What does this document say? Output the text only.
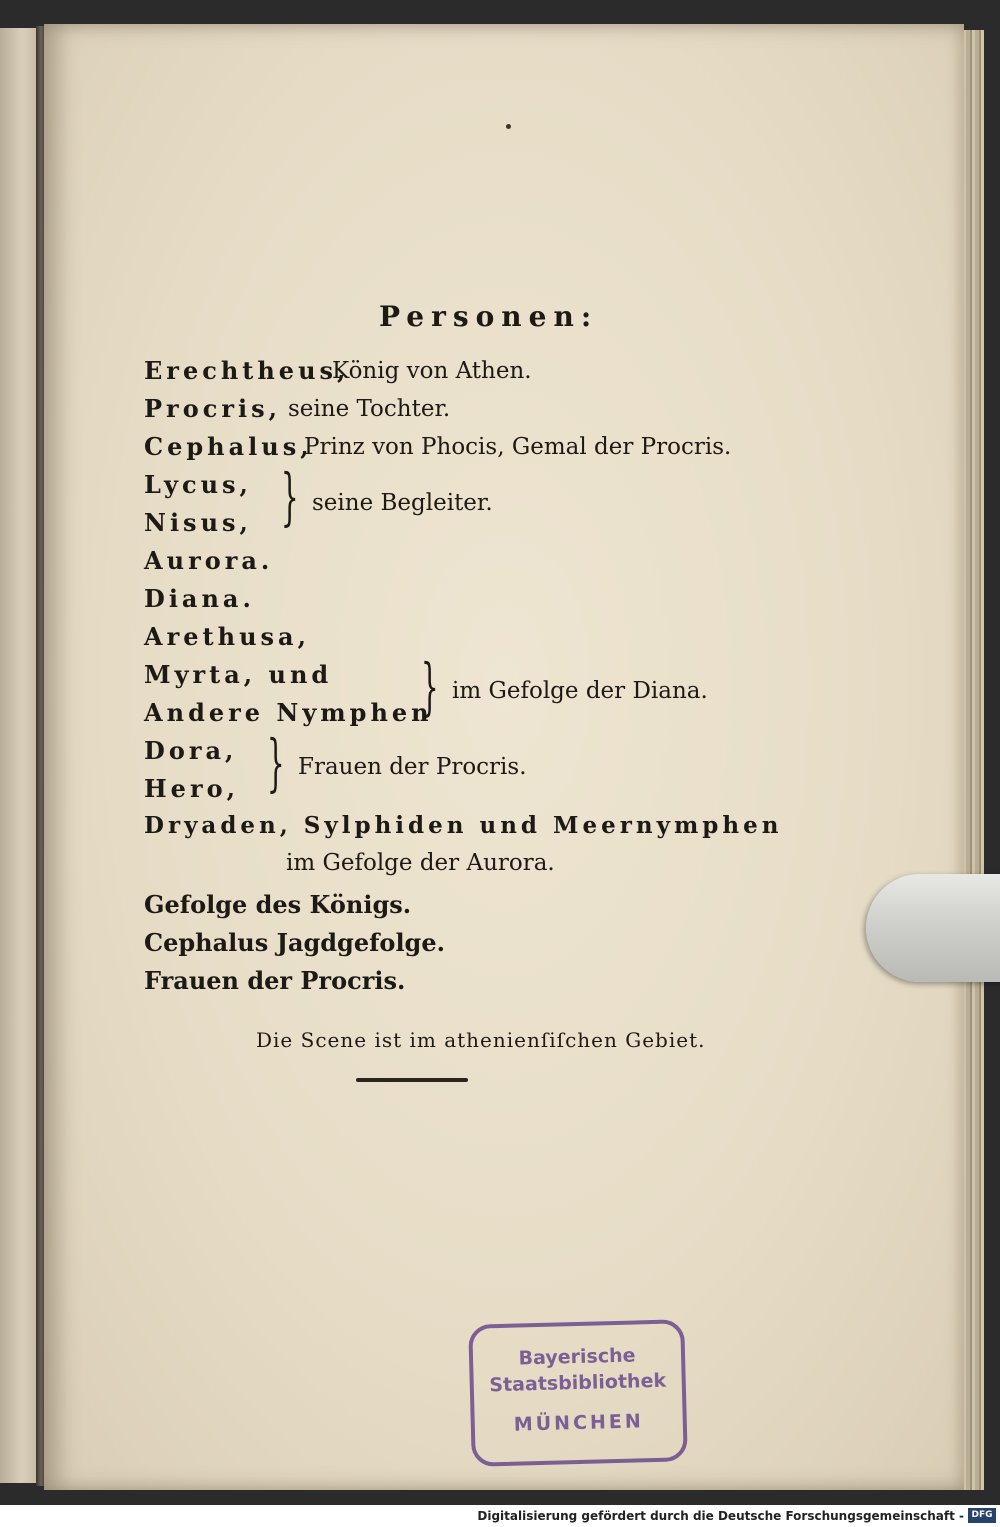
Personen:
Erechtheus,
König von Athen.
Procris, seine Tochter.
Cephalus,
Prinz von Phocis, Gemal der Procris.
Lycus,
Nisus, } seine Begleiter.
Aurora.
Diana.
Arethusa,
Myrta, und
Andere Nymphen
} im Gefolge der Diana.
Dora,
Hero, } Frauen der Procris.
Dryaden, Sylphiden und Meernymphen
im Gefolge der Aurora.
Gefolge des Königs.
Cephalus Jagdgefolge.
Frauen der Procris.
Die Scene ist im athenienſiſchen Gebiet.
Bayerische
Staatsbibliothek
MÜNCHEN
Digitalisierung gefördert durch die Deutsche Forschungsgemeinschaft - DFG
